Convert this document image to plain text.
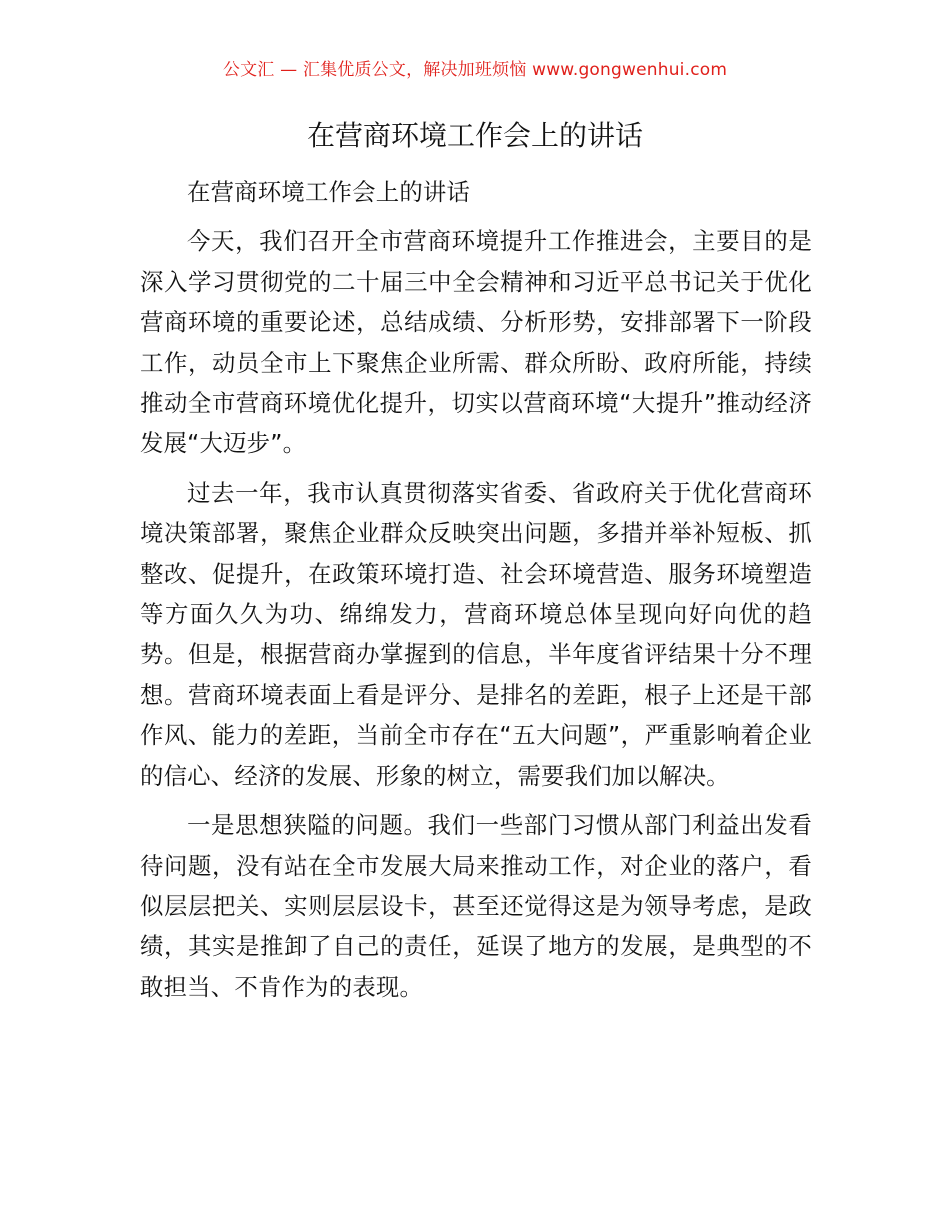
公文汇 — 汇集优质公文，解决加班烦恼 www.gongwenhui.com
在营商环境工作会上的讲话

在营商环境工作会上的讲话

今天，我们召开全市营商环境提升工作推进会，主要目的是深入学习贯彻党的二十届三中全会精神和习近平总书记关于优化营商环境的重要论述，总结成绩、分析形势，安排部署下一阶段工作，动员全市上下聚焦企业所需、群众所盼、政府所能，持续推动全市营商环境优化提升，切实以营商环境“大提升”推动经济发展“大迈步”。

过去一年，我市认真贯彻落实省委、省政府关于优化营商环境决策部署，聚焦企业群众反映突出问题，多措并举补短板、抓整改、促提升，在政策环境打造、社会环境营造、服务环境塑造等方面久久为功、绵绵发力，营商环境总体呈现向好向优的趋势。但是，根据营商办掌握到的信息，半年度省评结果十分不理想。营商环境表面上看是评分、是排名的差距，根子上还是干部作风、能力的差距，当前全市存在“五大问题”，严重影响着企业的信心、经济的发展、形象的树立，需要我们加以解决。

一是思想狭隘的问题。我们一些部门习惯从部门利益出发看待问题，没有站在全市发展大局来推动工作，对企业的落户，看似层层把关、实则层层设卡，甚至还觉得这是为领导考虑，是政绩，其实是推卸了自己的责任，延误了地方的发展，是典型的不敢担当、不肯作为的表现。
